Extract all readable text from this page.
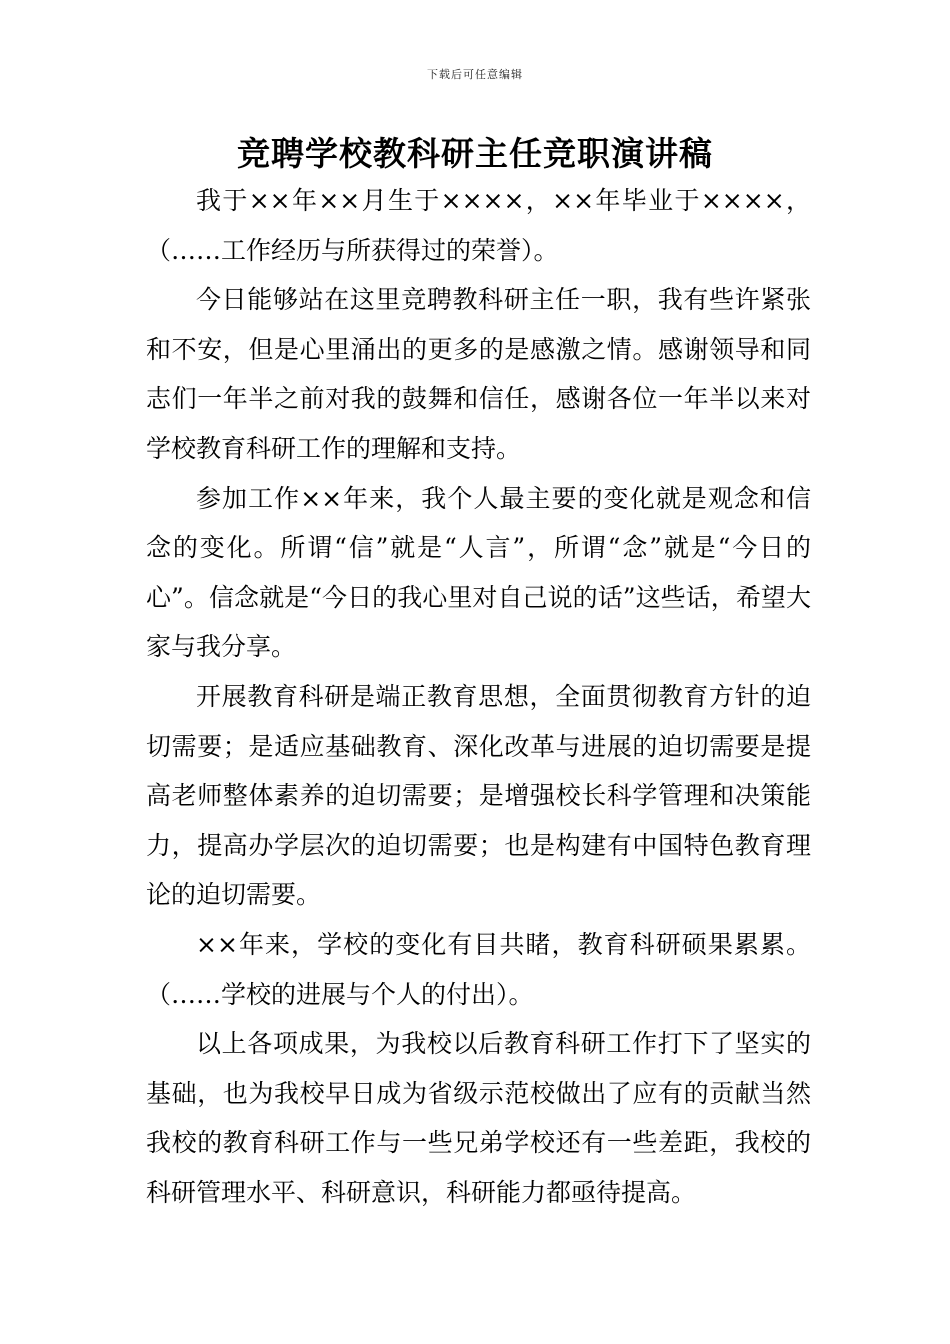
下载后可任意编辑
竞聘学校教科研主任竞职演讲稿

我于××年××月生于××××，××年毕业于××××，（……工作经历与所获得过的荣誉）。

今日能够站在这里竞聘教科研主任一职，我有些许紧张和不安，但是心里涌出的更多的是感激之情。感谢领导和同志们一年半之前对我的鼓舞和信任，感谢各位一年半以来对学校教育科研工作的理解和支持。

参加工作××年来，我个人最主要的变化就是观念和信念的变化。所谓“信”就是“人言”，所谓“念”就是“今日的心”。信念就是“今日的我心里对自己说的话”这些话，希望大家与我分享。

开展教育科研是端正教育思想，全面贯彻教育方针的迫切需要；是适应基础教育、深化改革与进展的迫切需要是提高老师整体素养的迫切需要；是增强校长科学管理和决策能力，提高办学层次的迫切需要；也是构建有中国特色教育理论的迫切需要。

××年来，学校的变化有目共睹，教育科研硕果累累。（……学校的进展与个人的付出）。

以上各项成果，为我校以后教育科研工作打下了坚实的基础，也为我校早日成为省级示范校做出了应有的贡献当然我校的教育科研工作与一些兄弟学校还有一些差距，我校的科研管理水平、科研意识，科研能力都亟待提高。
